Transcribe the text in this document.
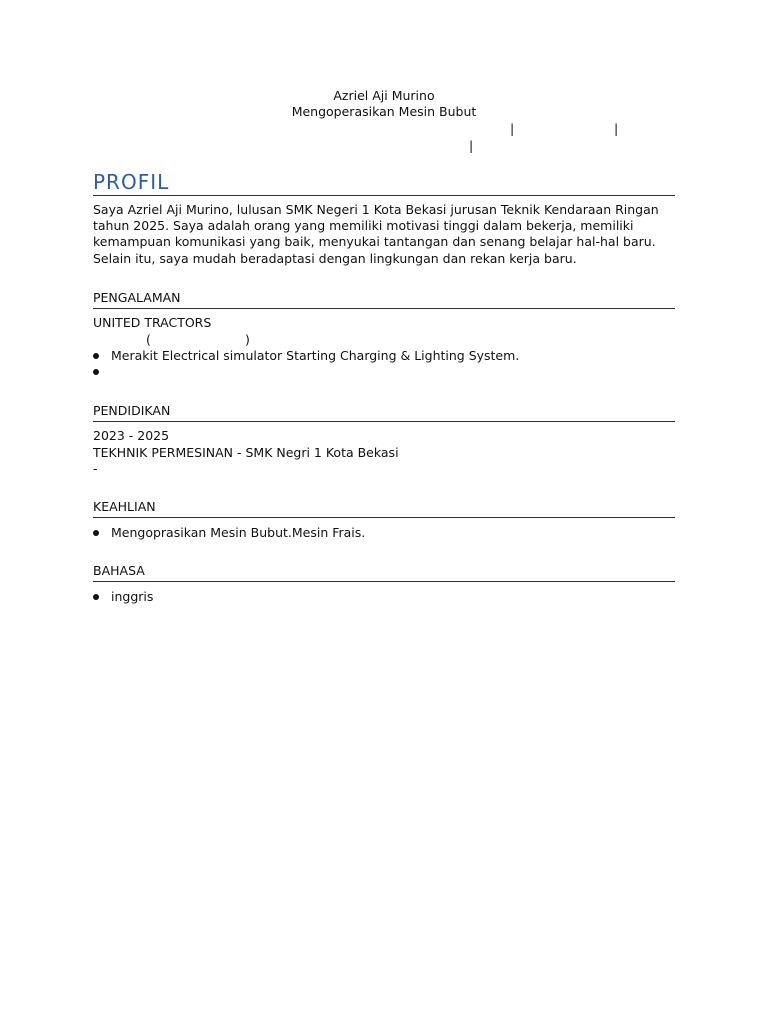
Azriel Aji Murino
Mengoperasikan Mesin Bubut
|	|
|
PROFIL
Saya Azriel Aji Murino, lulusan SMK Negeri 1 Kota Bekasi jurusan Teknik Kendaraan Ringan tahun 2025. Saya adalah orang yang memiliki motivasi tinggi dalam bekerja, memiliki kemampuan komunikasi yang baik, menyukai tantangan dan senang belajar hal-hal baru. Selain itu, saya mudah beradaptasi dengan lingkungan dan rekan kerja baru.
PENGALAMAN
UNITED TRACTORS
(	)
Merakit Electrical simulator Starting Charging & Lighting System.
PENDIDIKAN
2023 - 2025
TEKHNIK PERMESINAN - SMK Negri 1 Kota Bekasi
-
KEAHLIAN
Mengoprasikan Mesin Bubut.Mesin Frais.
BAHASA
inggris
